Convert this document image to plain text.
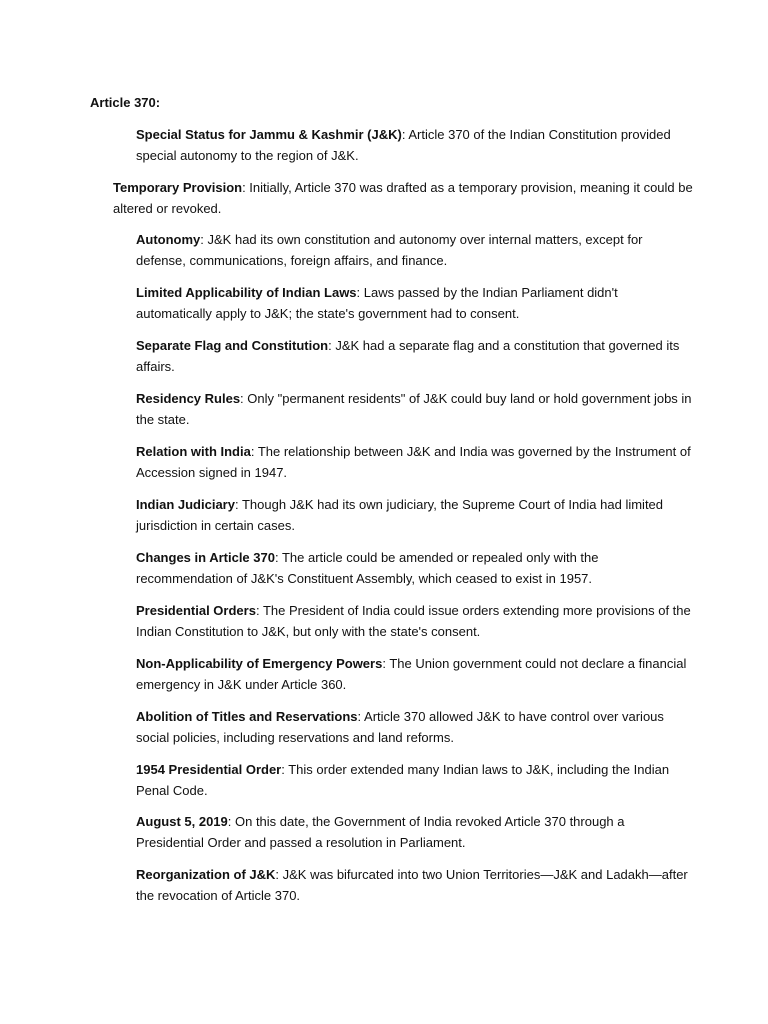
Article 370:

Special Status for Jammu & Kashmir (J&K): Article 370 of the Indian Constitution provided special autonomy to the region of J&K.

Temporary Provision: Initially, Article 370 was drafted as a temporary provision, meaning it could be altered or revoked.

Autonomy: J&K had its own constitution and autonomy over internal matters, except for defense, communications, foreign affairs, and finance.

Limited Applicability of Indian Laws: Laws passed by the Indian Parliament didn't automatically apply to J&K; the state's government had to consent.

Separate Flag and Constitution: J&K had a separate flag and a constitution that governed its affairs.

Residency Rules: Only "permanent residents" of J&K could buy land or hold government jobs in the state.

Relation with India: The relationship between J&K and India was governed by the Instrument of Accession signed in 1947.

Indian Judiciary: Though J&K had its own judiciary, the Supreme Court of India had limited jurisdiction in certain cases.

Changes in Article 370: The article could be amended or repealed only with the recommendation of J&K's Constituent Assembly, which ceased to exist in 1957.

Presidential Orders: The President of India could issue orders extending more provisions of the Indian Constitution to J&K, but only with the state's consent.

Non-Applicability of Emergency Powers: The Union government could not declare a financial emergency in J&K under Article 360.

Abolition of Titles and Reservations: Article 370 allowed J&K to have control over various social policies, including reservations and land reforms.

1954 Presidential Order: This order extended many Indian laws to J&K, including the Indian Penal Code.

August 5, 2019: On this date, the Government of India revoked Article 370 through a Presidential Order and passed a resolution in Parliament.

Reorganization of J&K: J&K was bifurcated into two Union Territories—J&K and Ladakh—after the revocation of Article 370.
